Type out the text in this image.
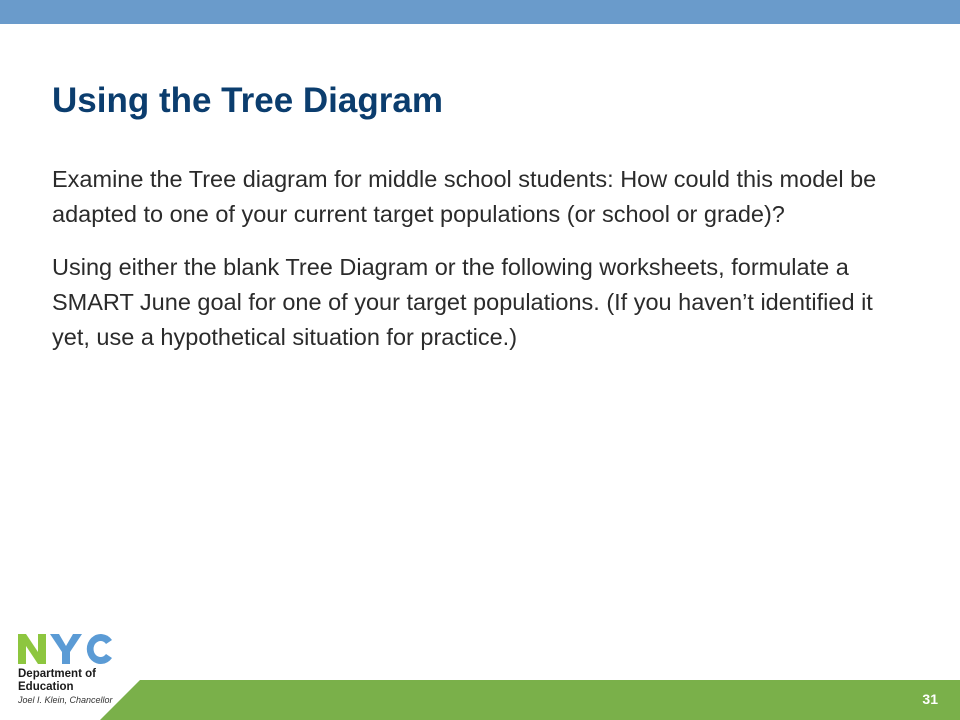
Using the Tree Diagram

Examine the Tree diagram for middle school students: How could this model be adapted to one of your current target populations (or school or grade)?

Using either the blank Tree Diagram or the following worksheets, formulate a SMART June goal for one of your target populations. (If you haven’t identified it yet, use a hypothetical situation for practice.)

Department of

Education

Joel I. Klein, Chancellor	31
